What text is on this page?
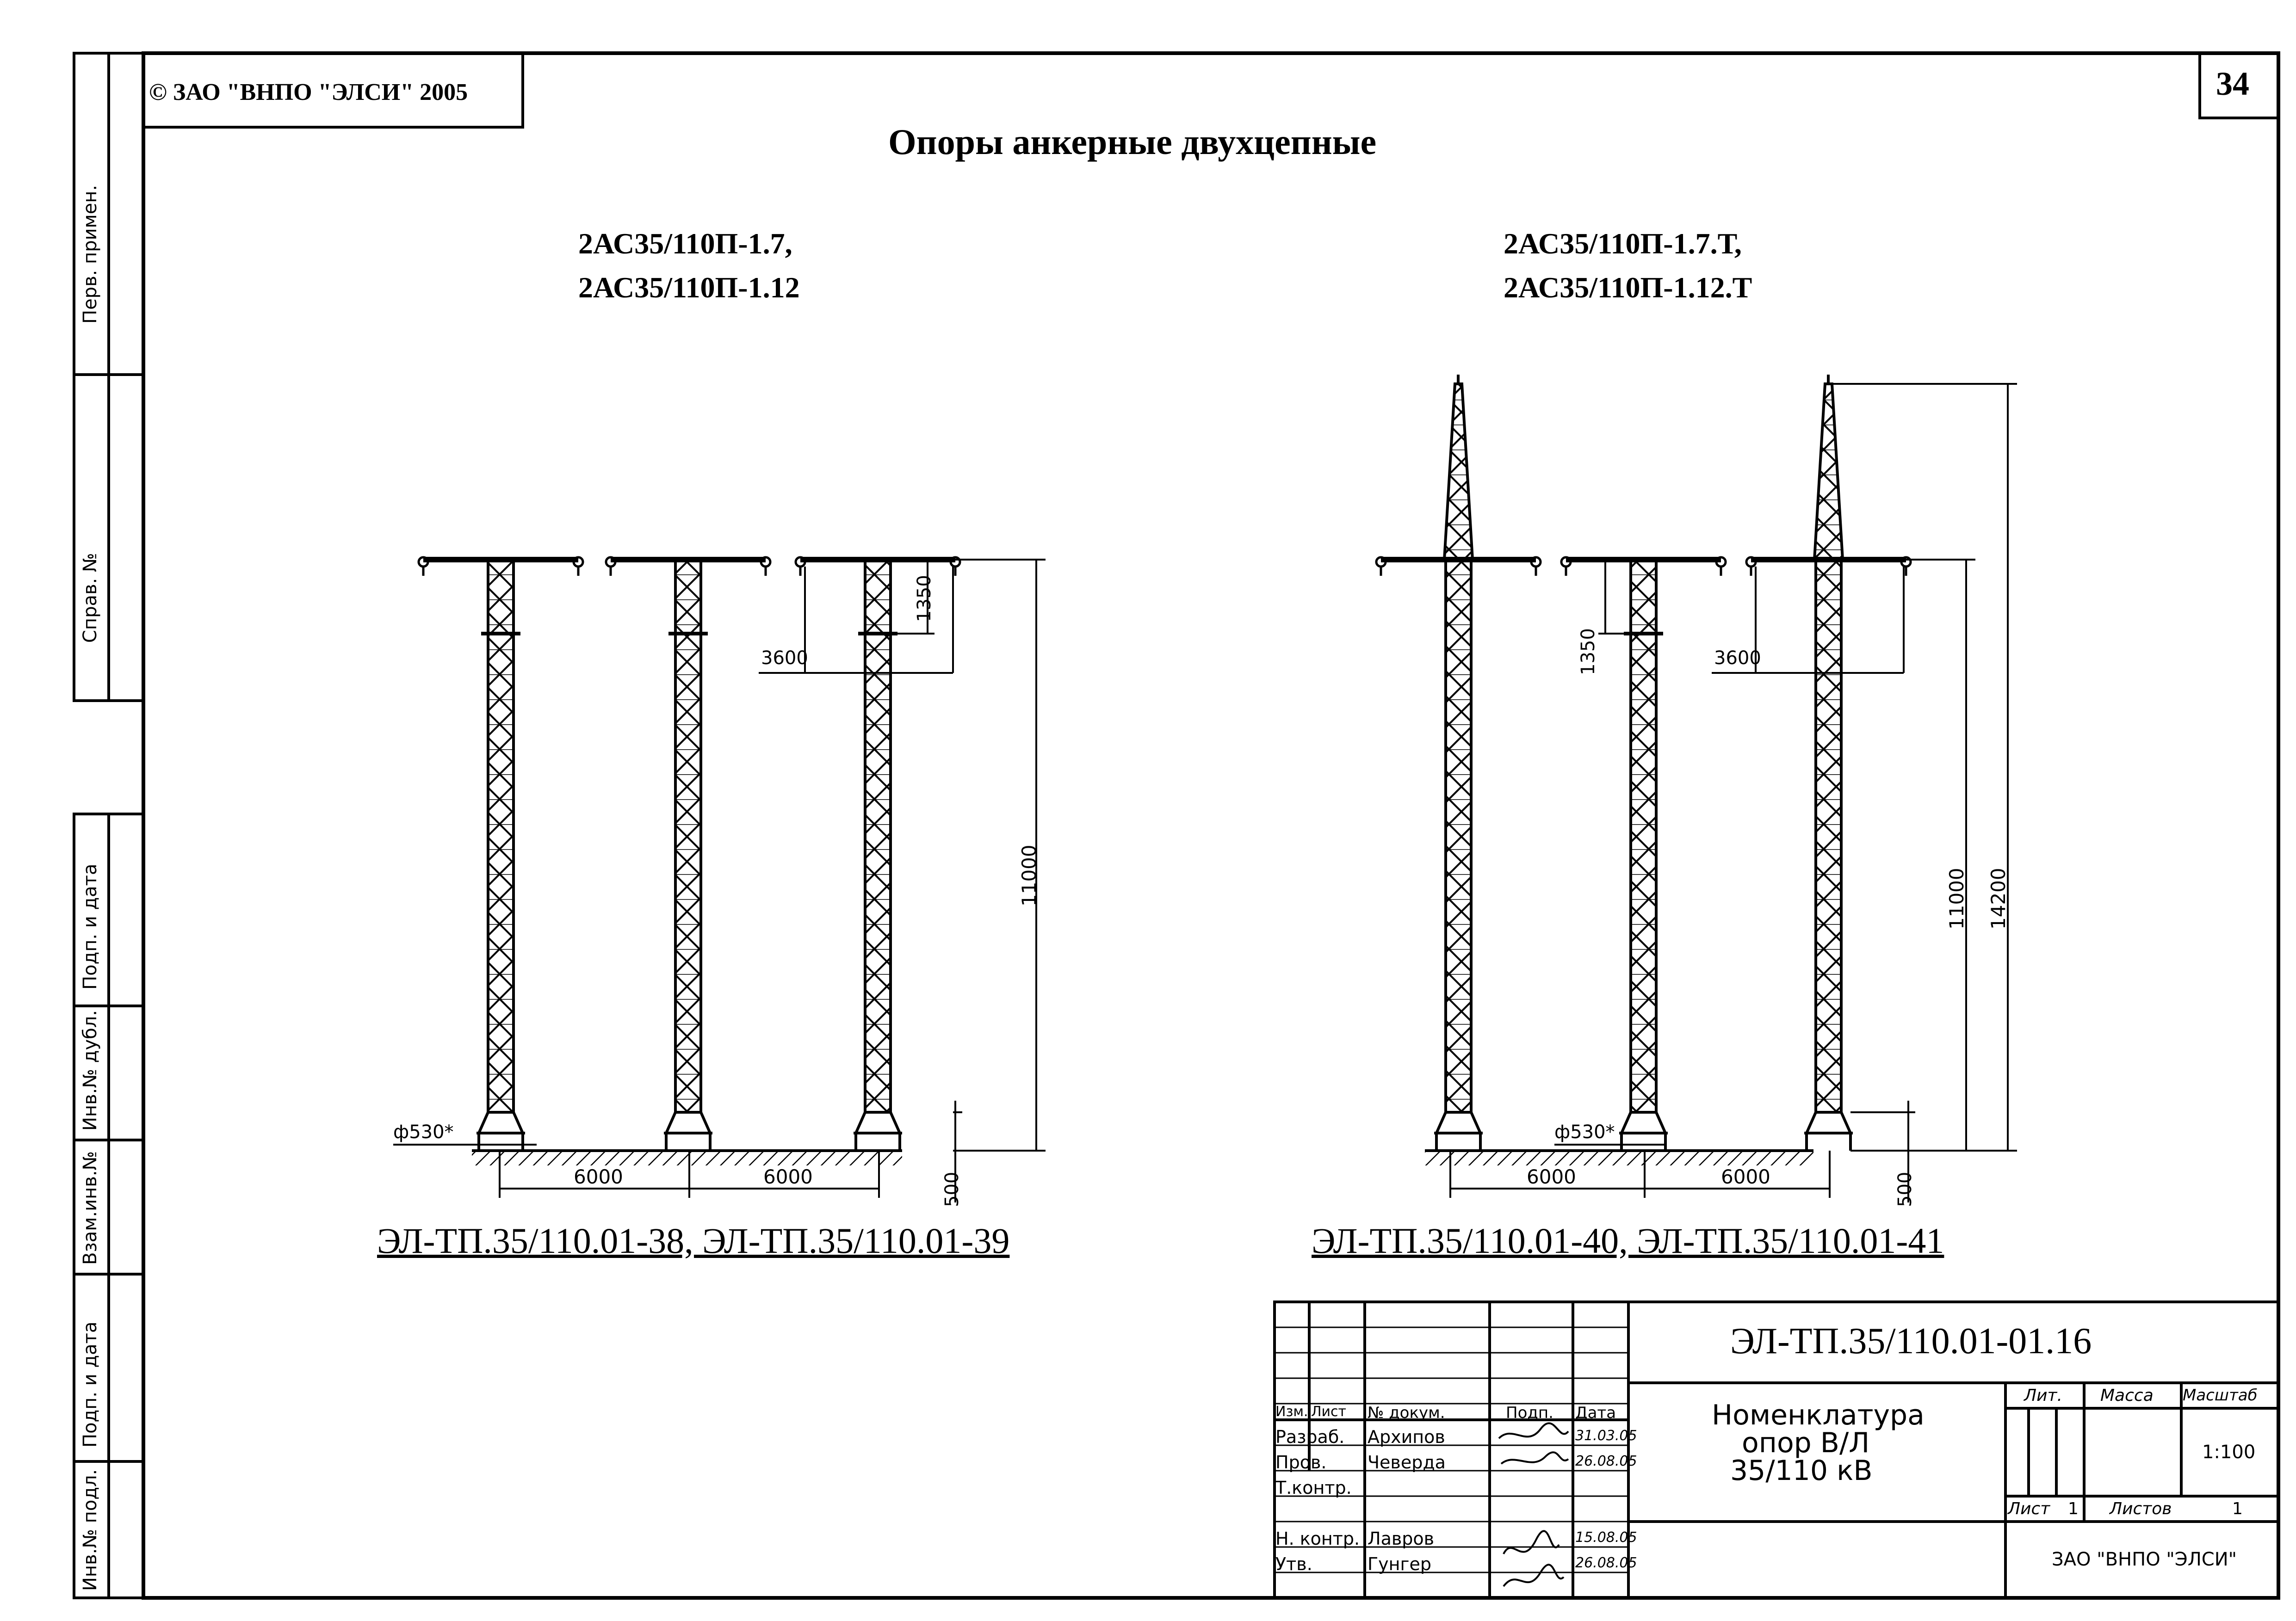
© ЗАО "ВНПО "ЭЛСИ" 2005	34
Опоры анкерные двухцепные
2АС35/110П-1.7,
2АС35/110П-1.12
2АС35/110П-1.7.Т,
2АС35/110П-1.12.Т
3600
1350
11000
500
ф530*
6000	6000
1350	3600
11000 14200
500
ф530*
6000	6000
ЭЛ-ТП.35/110.01-38, ЭЛ-ТП.35/110.01-39	ЭЛ-ТП.35/110.01-40, ЭЛ-ТП.35/110.01-41
Перв. примен.
Справ. №
Подп. и дата
Инв.№ дубл.
Взам.инв.№
Подп. и дата
Инв.№ подл.
ЭЛ-ТП.35/110.01-01.16
Номенклатура
опор В/Л
35/110 кВ
Изм. Лист № докум.	Подп. Дата
Разраб. Архипов	31.03.05
Пров. Чеверда	26.08.05
Т.контр.
Н. контр. Лавров	15.08.05
Утв.	Гунгер	26.08.05
Лит. Масса Масштаб
1:100
Лист 1 Листов	1
ЗАО "ВНПО "ЭЛСИ"
